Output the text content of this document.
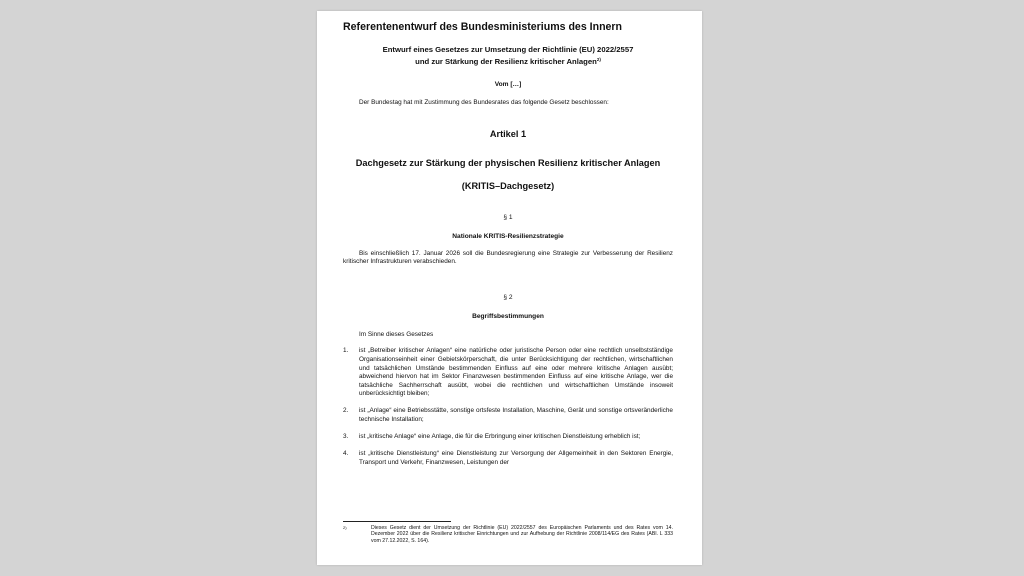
Referentenentwurf des Bundesministeriums des Innern
Entwurf eines Gesetzes zur Umsetzung der Richtlinie (EU) 2022/2557
und zur Stärkung der Resilienz kritischer Anlagen$^{2)}$
Vom […]
Der Bundestag hat mit Zustimmung des Bundesrates das folgende Gesetz beschlossen:
Artikel 1
Dachgesetz zur Stärkung der physischen Resilienz kritischer Anlagen
(KRITIS–Dachgesetz)
§ 1
Nationale KRITIS-Resilienzstrategie
Bis einschließlich 17. Januar 2026 soll die Bundesregierung eine Strategie zur Verbesserung der Resilienz kritischer Infrastrukturen verabschieden.
§ 2
Begriffsbestimmungen
Im Sinne dieses Gesetzes
1.	ist „Betreiber kritischer Anlagen“ eine natürliche oder juristische Person oder eine rechtlich unselbstständige Organisationseinheit einer Gebietskörperschaft, die unter Berücksichtigung der rechtlichen, wirtschaftlichen und tatsächlichen Umstände bestimmenden Einfluss auf eine oder mehrere kritische Anlagen ausübt; abweichend hiervon hat im Sektor Finanzwesen bestimmenden Einfluss auf eine kritische Anlage, wer die tatsächliche Sachherrschaft ausübt, wobei die rechtlichen und wirtschaftlichen Umstände insoweit unberücksichtigt bleiben;
2.	ist „Anlage“ eine Betriebsstätte, sonstige ortsfeste Installation, Maschine, Gerät und sonstige ortsveränderliche technische Installation;
3.	ist „kritische Anlage“ eine Anlage, die für die Erbringung einer kritischen Dienstleistung erheblich ist;
4.	ist „kritische Dienstleistung“ eine Dienstleistung zur Versorgung der Allgemeinheit in den Sektoren Energie, Transport und Verkehr, Finanzwesen, Leistungen der
$^{2)}$	Dieses Gesetz dient der Umsetzung der Richtlinie (EU) 2022/2557 des Europäischen Parlaments und des Rates vom 14. Dezember 2022 über die Resilienz kritischer Einrichtungen und zur Aufhebung der Richtlinie 2008/114/EG des Rates (ABl. L 333 vom 27.12.2022, S. 164).
